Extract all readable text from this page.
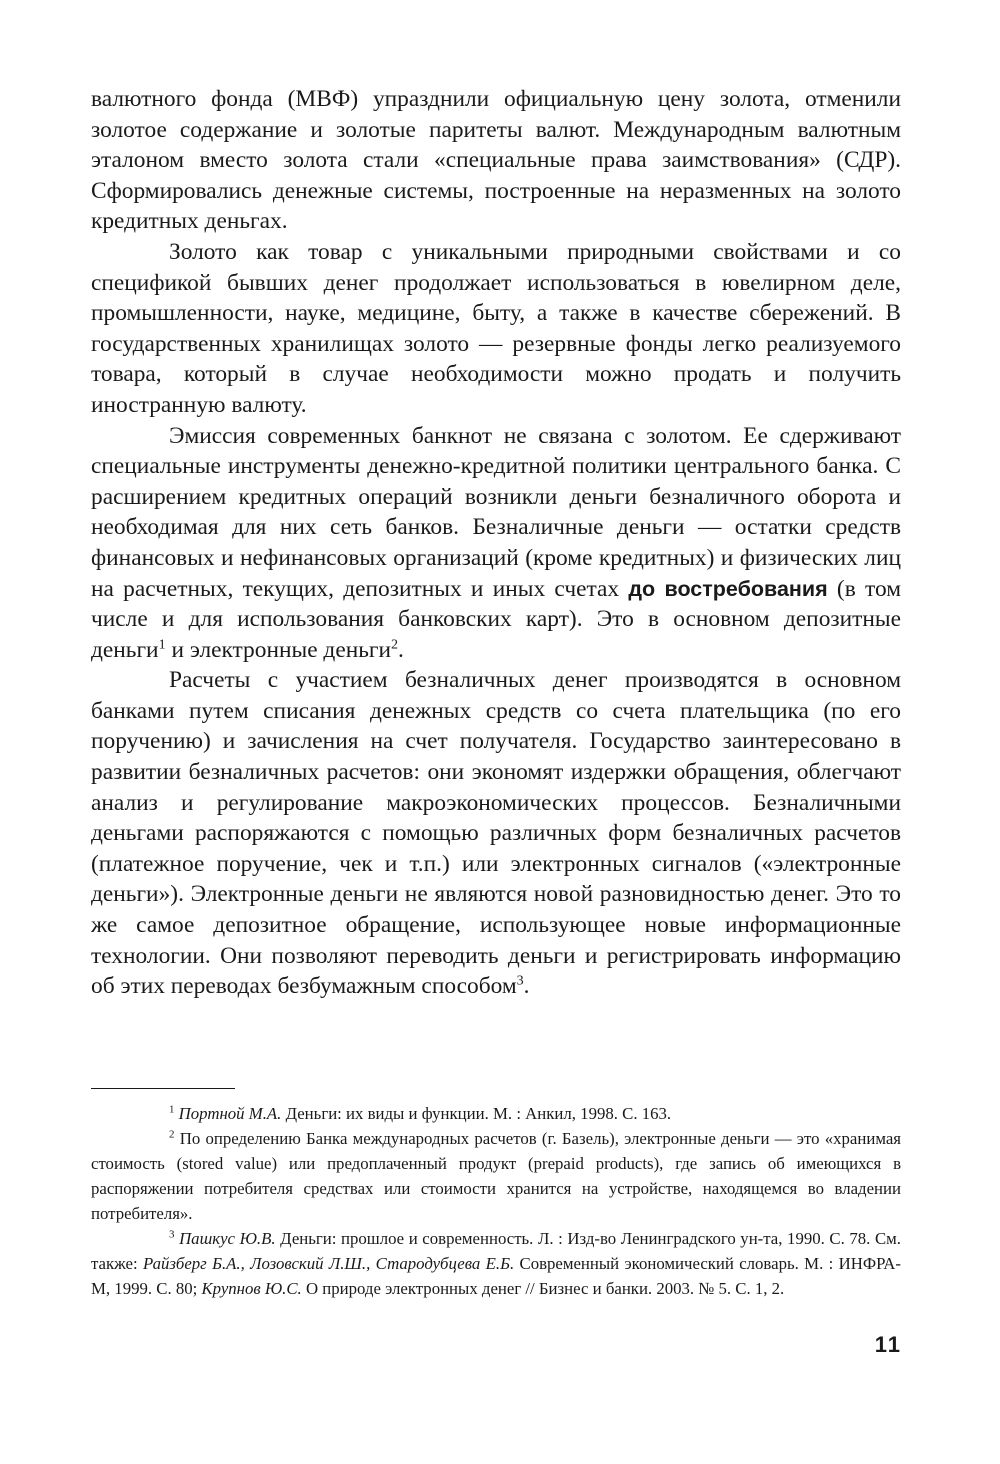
валютного фонда (МВФ) упразднили официальную цену золота, отменили золотое содержание и золотые паритеты валют. Международным валютным эталоном вместо золота стали «специальные права заимствования» (СДР). Сформировались денежные системы, построенные на неразменных на золото кредитных деньгах.

Золото как товар с уникальными природными свойствами и со спецификой бывших денег продолжает использоваться в ювелирном деле, промышленности, науке, медицине, быту, а также в качестве сбережений. В государственных хранилищах золото — резервные фонды легко реализуемого товара, который в случае необходимости можно продать и получить иностранную валюту.

Эмиссия современных банкнот не связана с золотом. Ее сдерживают специальные инструменты денежно-кредитной политики центрального банка. С расширением кредитных операций возникли деньги безналичного оборота и необходимая для них сеть банков. Безналичные деньги — остатки средств финансовых и нефинансовых организаций (кроме кредитных) и физических лиц на расчетных, текущих, депозитных и иных счетах до востребования (в том числе и для использования банковских карт). Это в основном депозитные деньги$^1$ и электронные деньги$^2$.

Расчеты с участием безналичных денег производятся в основном банками путем списания денежных средств со счета плательщика (по его поручению) и зачисления на счет получателя. Государство заинтересовано в развитии безналичных расчетов: они экономят издержки обращения, облегчают анализ и регулирование макроэкономических процессов. Безналичными деньгами распоряжаются с помощью различных форм безналичных расчетов (платежное поручение, чек и т.п.) или электронных сигналов («электронные деньги»). Электронные деньги не являются новой разновидностью денег. Это то же самое депозитное обращение, использующее новые информационные технологии. Они позволяют переводить деньги и регистрировать информацию об этих переводах безбумажным способом$^3$.

$^1$ Портной М.А. Деньги: их виды и функции. М. : Анкил, 1998. С. 163.

$^2$ По определению Банка международных расчетов (г. Базель), электронные деньги — это «хранимая стоимость (stored value) или предоплаченный продукт (prepaid products), где запись об имеющихся в распоряжении потребителя средствах или стоимости хранится на устройстве, находящемся во владении потребителя».

$^3$ Пашкус Ю.В. Деньги: прошлое и современность. Л. : Изд-во Ленинградского ун-та, 1990. С. 78. См. также: Райзберг Б.А., Лозовский Л.Ш., Стародубцева Е.Б. Современный экономический словарь. М. : ИНФРА-М, 1999. С. 80; Крупнов Ю.С. О природе электронных денег // Бизнес и банки. 2003. № 5. С. 1, 2.

11
